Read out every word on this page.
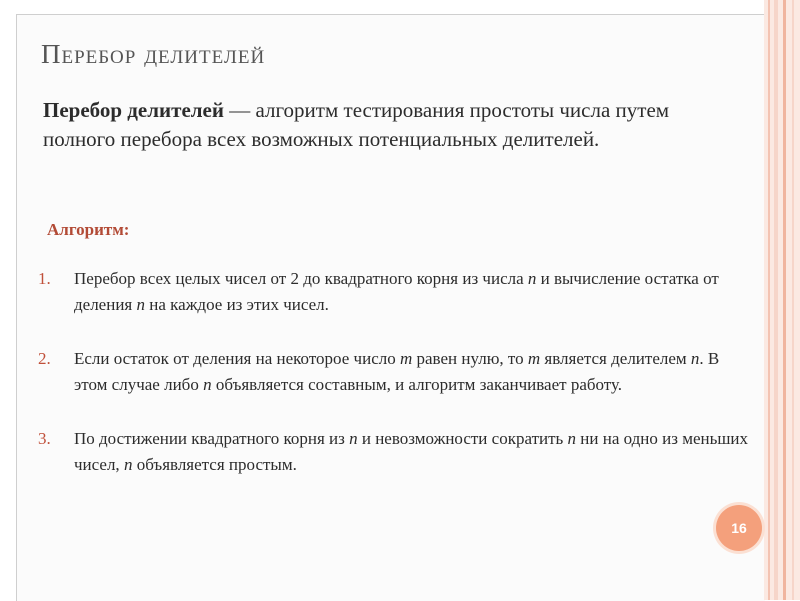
Перебор делителей
Перебор делителей — алгоритм тестирования простоты числа путем полного перебора всех возможных потенциальных делителей.
Алгоритм:
1. Перебор всех целых чисел от 2 до квадратного корня из числа n и вычисление остатка от деления n на каждое из этих чисел.
2. Если остаток от деления на некоторое число m равен нулю, то m является делителем n. В этом случае либо n объявляется составным, и алгоритм заканчивает работу.
3. По достижении квадратного корня из n и невозможности сократить n ни на одно из меньших чисел, n объявляется простым.
16
